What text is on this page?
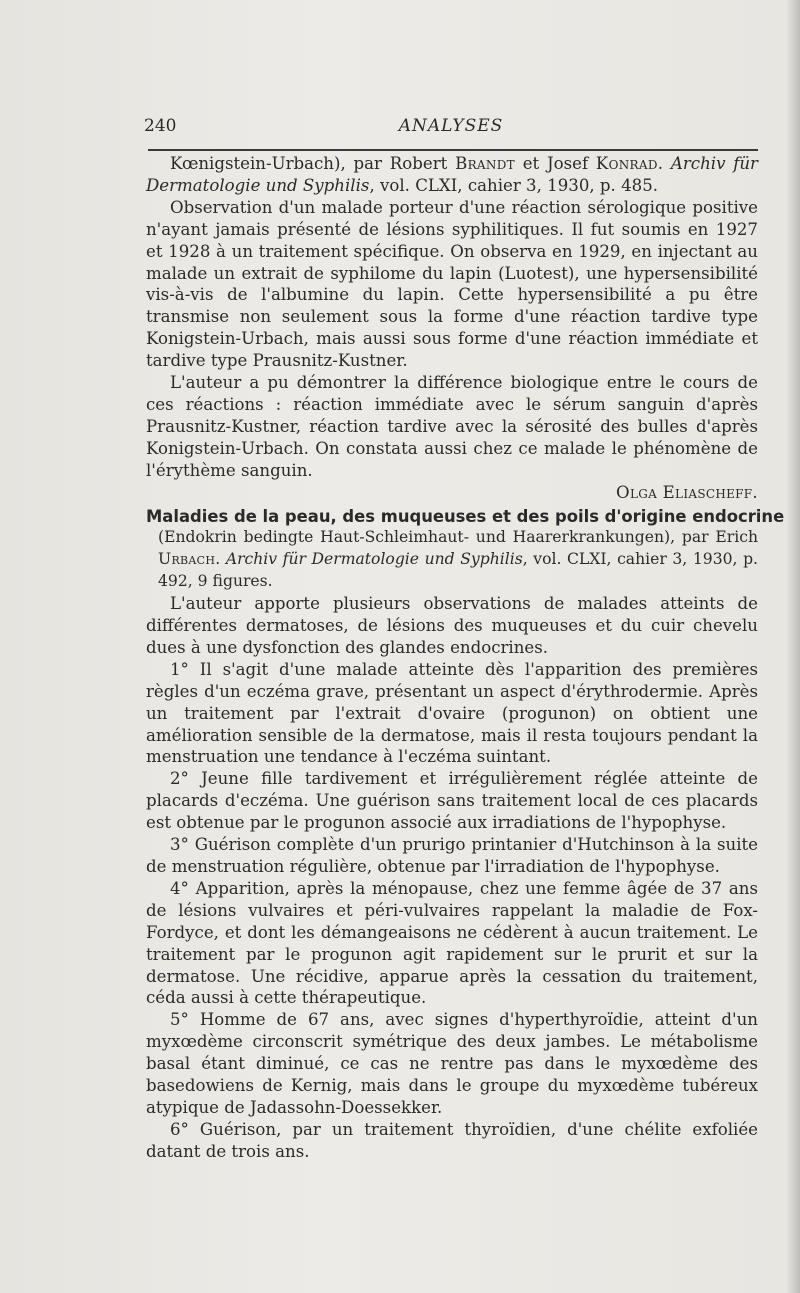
240	ANALYSES

Kœnigstein-Urbach), par Robert Brandt et Josef Konrad. Archiv für Dermatologie und Syphilis, vol. CLXI, cahier 3, 1930, p. 485.

Observation d'un malade porteur d'une réaction sérologique positive n'ayant jamais présenté de lésions syphilitiques. Il fut soumis en 1927 et 1928 à un traitement spécifique. On observa en 1929, en injectant au malade un extrait de syphilome du lapin (Luotest), une hypersensibilité vis-à-vis de l'albumine du lapin. Cette hypersensibilité a pu être transmise non seulement sous la forme d'une réaction tardive type Konigstein-Urbach, mais aussi sous forme d'une réaction immédiate et tardive type Prausnitz-Kustner.

L'auteur a pu démontrer la différence biologique entre le cours de ces réactions : réaction immédiate avec le sérum sanguin d'après Prausnitz-Kustner, réaction tardive avec la sérosité des bulles d'après Konigstein-Urbach. On constata aussi chez ce malade le phénomène de l'érythème sanguin.

Olga Eliascheff.

Maladies de la peau, des muqueuses et des poils d'origine endocrine
(Endokrin bedingte Haut-Schleimhaut- und Haarerkrankungen), par Erich Urbach. Archiv für Dermatologie und Syphilis, vol. CLXI, cahier 3, 1930, p. 492, 9 figures.

L'auteur apporte plusieurs observations de malades atteints de différentes dermatoses, de lésions des muqueuses et du cuir chevelu dues à une dysfonction des glandes endocrines.

1° Il s'agit d'une malade atteinte dès l'apparition des premières règles d'un eczéma grave, présentant un aspect d'érythrodermie. Après un traitement par l'extrait d'ovaire (progunon) on obtient une amélioration sensible de la dermatose, mais il resta toujours pendant la menstruation une tendance à l'eczéma suintant.

2° Jeune fille tardivement et irrégulièrement réglée atteinte de placards d'eczéma. Une guérison sans traitement local de ces placards est obtenue par le progunon associé aux irradiations de l'hypophyse.

3° Guérison complète d'un prurigo printanier d'Hutchinson à la suite de menstruation régulière, obtenue par l'irradiation de l'hypophyse.

4° Apparition, après la ménopause, chez une femme âgée de 37 ans de lésions vulvaires et péri-vulvaires rappelant la maladie de Fox-Fordyce, et dont les démangeaisons ne cédèrent à aucun traitement. Le traitement par le progunon agit rapidement sur le prurit et sur la dermatose. Une récidive, apparue après la cessation du traitement, céda aussi à cette thérapeutique.

5° Homme de 67 ans, avec signes d'hyperthyroïdie, atteint d'un myxœdème circonscrit symétrique des deux jambes. Le métabolisme basal étant diminué, ce cas ne rentre pas dans le myxœdème des basedowiens de Kernig, mais dans le groupe du myxœdème tubéreux atypique de Jadassohn-Doessekker.

6° Guérison, par un traitement thyroïdien, d'une chélite exfoliée datant de trois ans.
